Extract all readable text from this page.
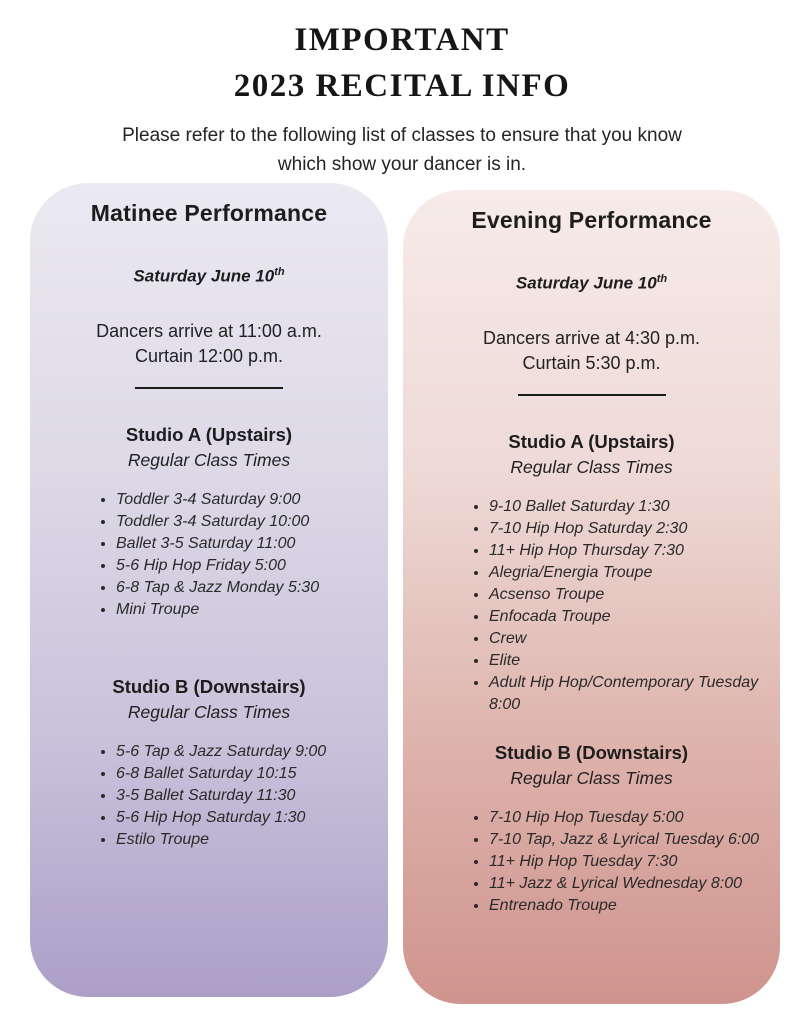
IMPORTANT
2023 RECITAL INFO
Please refer to the following list of classes to ensure that you know
which show your dancer is in.
Matinee Performance
Saturday June 10th
Dancers arrive at 11:00 a.m.
Curtain 12:00 p.m.
Studio A (Upstairs)
Regular Class Times
• Toddler 3-4 Saturday 9:00
• Toddler 3-4 Saturday 10:00
• Ballet 3-5 Saturday 11:00
• 5-6 Hip Hop Friday 5:00
• 6-8 Tap & Jazz Monday 5:30
• Mini Troupe
Studio B (Downstairs)
Regular Class Times
• 5-6 Tap & Jazz Saturday 9:00
• 6-8 Ballet Saturday 10:15
• 3-5 Ballet Saturday 11:30
• 5-6 Hip Hop Saturday 1:30
• Estilo Troupe
Evening Performance
Saturday June 10th
Dancers arrive at 4:30 p.m.
Curtain 5:30 p.m.
Studio A (Upstairs)
Regular Class Times
• 9-10 Ballet Saturday 1:30
• 7-10 Hip Hop Saturday 2:30
• 11+ Hip Hop Thursday 7:30
• Alegria/Energia Troupe
• Acsenso Troupe
• Enfocada Troupe
• Crew
• Elite
• Adult Hip Hop/Contemporary Tuesday 8:00
Studio B (Downstairs)
Regular Class Times
• 7-10 Hip Hop Tuesday 5:00
• 7-10 Tap, Jazz & Lyrical Tuesday 6:00
• 11+ Hip Hop Tuesday 7:30
• 11+ Jazz & Lyrical Wednesday 8:00
• Entrenado Troupe
